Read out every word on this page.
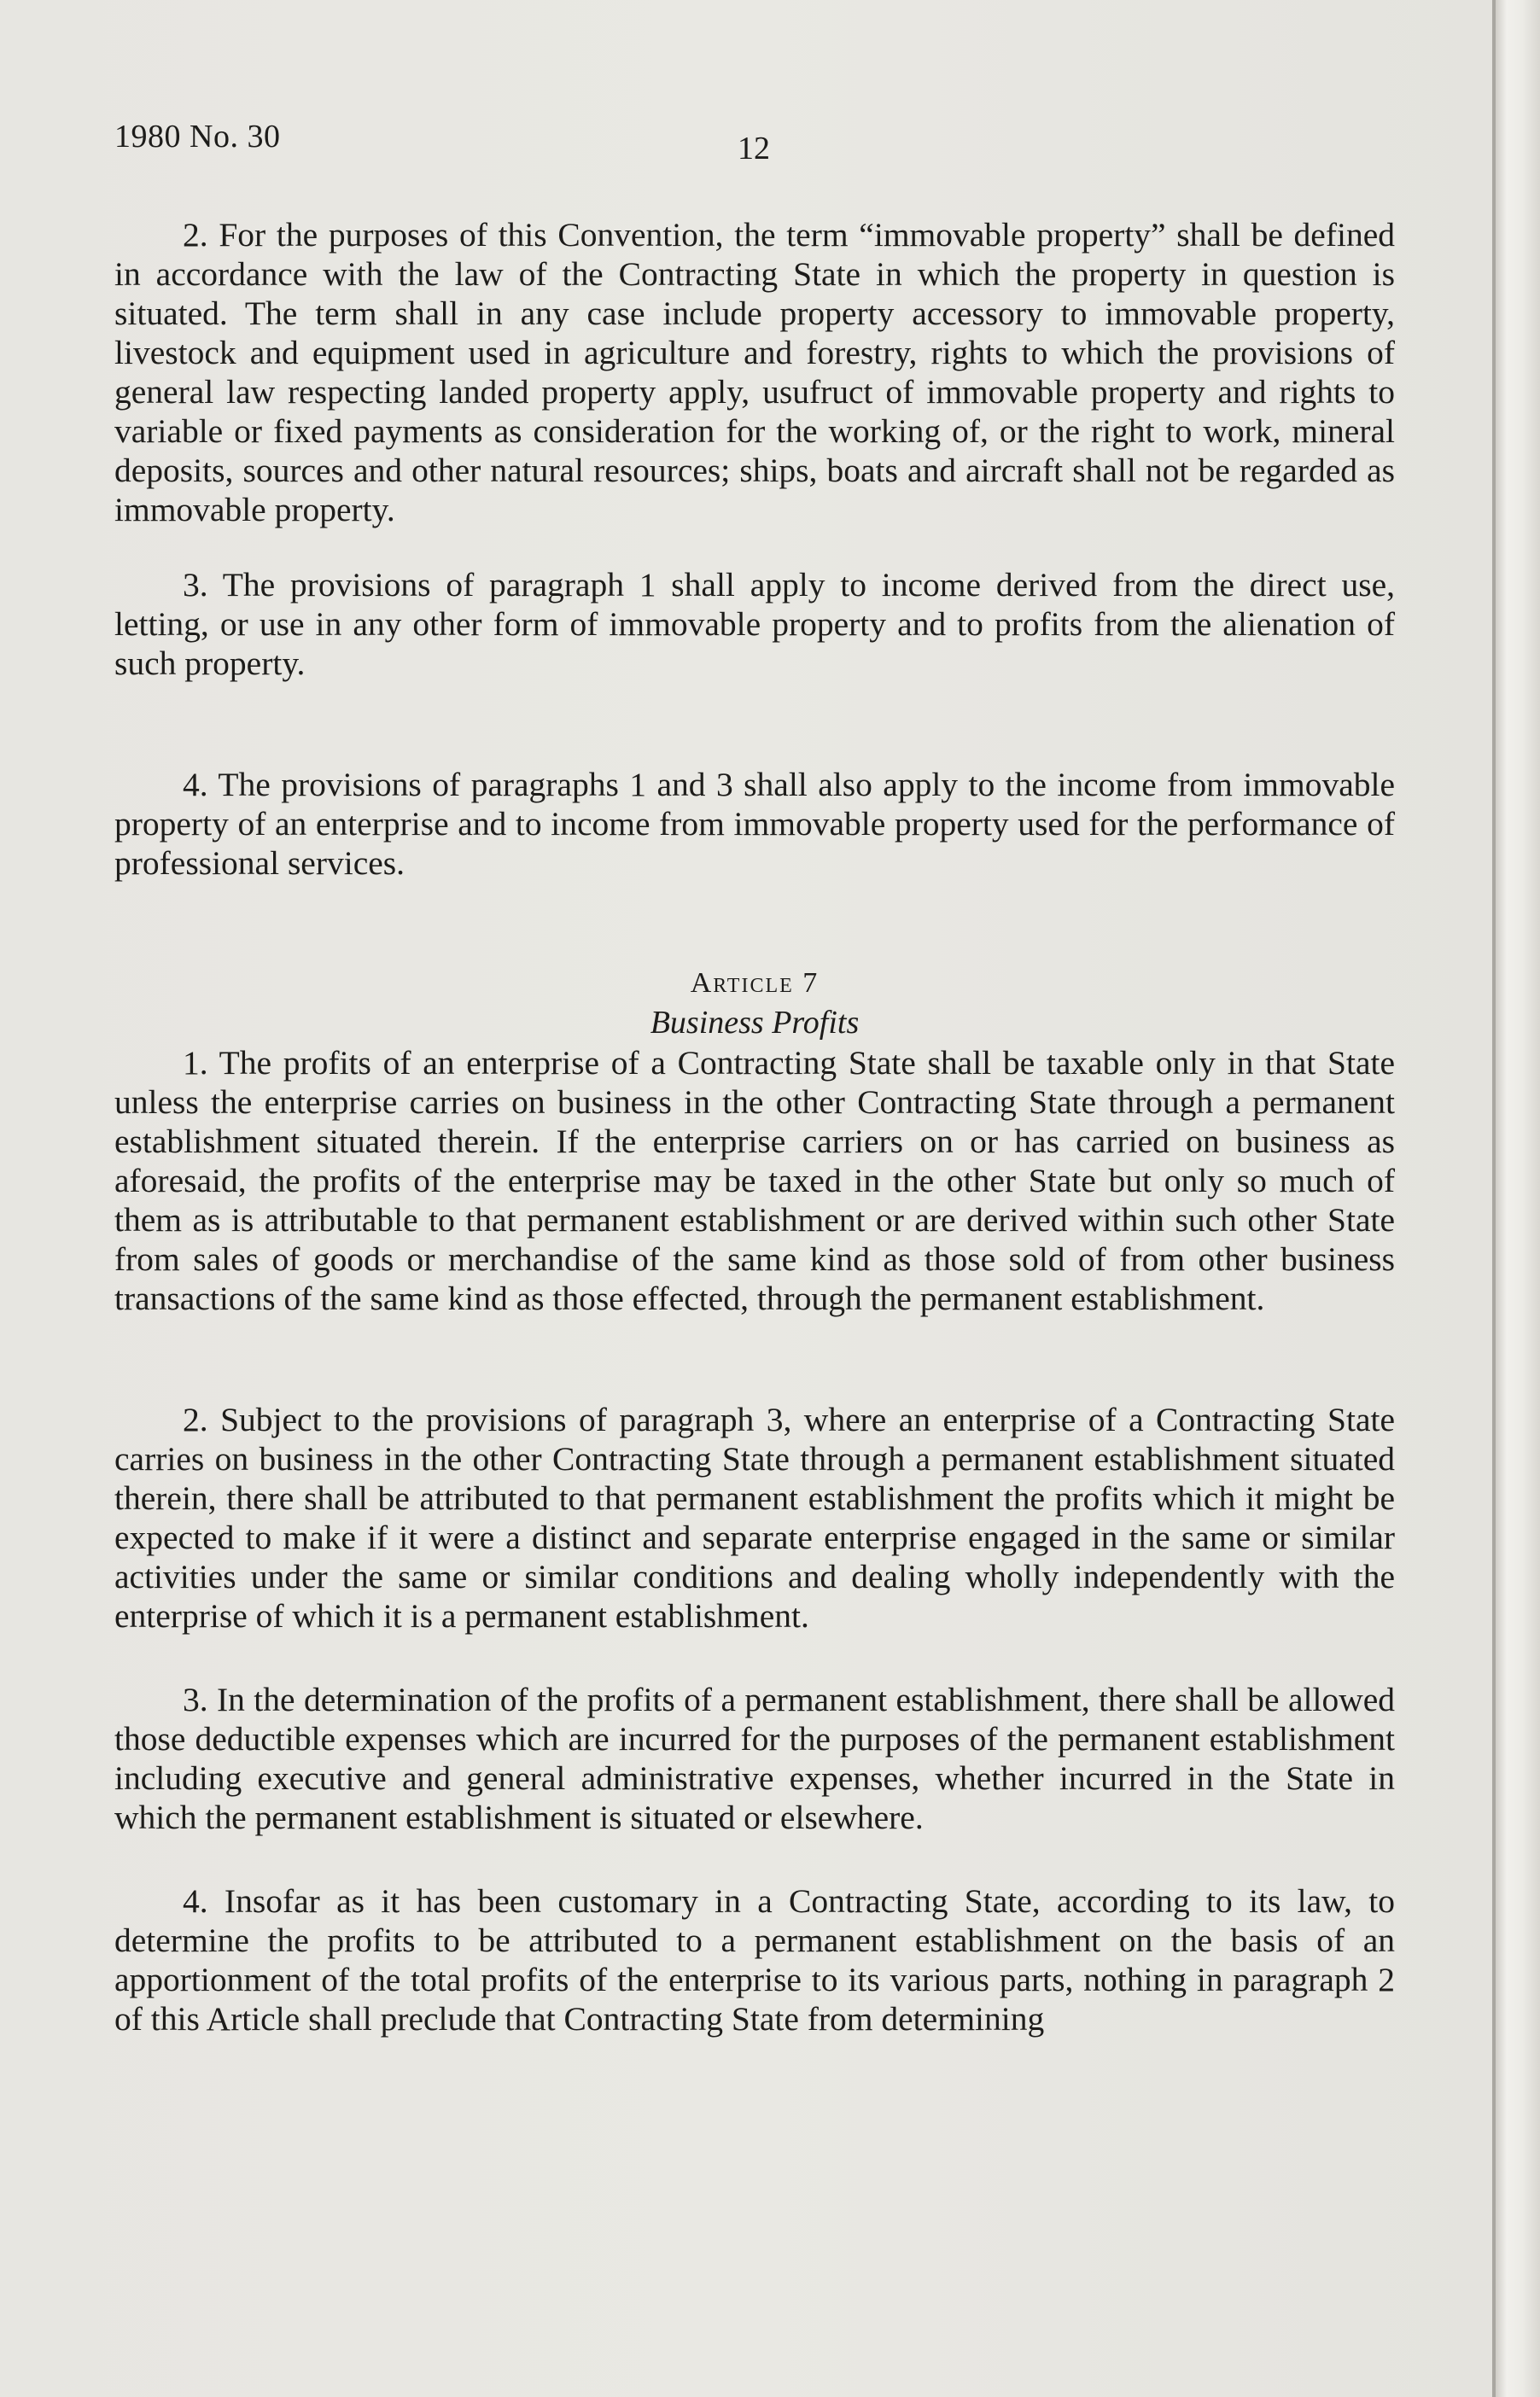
1980 No. 30	12

2. For the purposes of this Convention, the term “immovable property” shall be defined in accordance with the law of the Contracting State in which the property in question is situated. The term shall in any case include property accessory to immovable property, livestock and equipment used in agriculture and forestry, rights to which the provisions of general law respecting landed property apply, usufruct of immovable property and rights to variable or fixed payments as consideration for the working of, or the right to work, mineral deposits, sources and other natural resources; ships, boats and aircraft shall not be regarded as immovable property.

3. The provisions of paragraph 1 shall apply to income derived from the direct use, letting, or use in any other form of immovable property and to profits from the alienation of such property.

4. The provisions of paragraphs 1 and 3 shall also apply to the income from immovable property of an enterprise and to income from immovable property used for the performance of professional services.

Article 7

Business Profits

1. The profits of an enterprise of a Contracting State shall be taxable only in that State unless the enterprise carries on business in the other Contracting State through a permanent establishment situated therein. If the enterprise carriers on or has carried on business as aforesaid, the profits of the enterprise may be taxed in the other State but only so much of them as is attributable to that permanent establishment or are derived within such other State from sales of goods or merchandise of the same kind as those sold of from other business transactions of the same kind as those effected, through the permanent establishment.

2. Subject to the provisions of paragraph 3, where an enterprise of a Contracting State carries on business in the other Contracting State through a permanent establishment situated therein, there shall be attributed to that permanent establishment the profits which it might be expected to make if it were a distinct and separate enterprise engaged in the same or similar activities under the same or similar conditions and dealing wholly independently with the enterprise of which it is a permanent establishment.

3. In the determination of the profits of a permanent establishment, there shall be allowed those deductible expenses which are incurred for the purposes of the permanent establishment including executive and general administrative expenses, whether incurred in the State in which the permanent establishment is situated or elsewhere.

4. Insofar as it has been customary in a Contracting State, according to its law, to determine the profits to be attributed to a permanent establishment on the basis of an apportionment of the total profits of the enterprise to its various parts, nothing in paragraph 2 of this Article shall preclude that Contracting State from determining
